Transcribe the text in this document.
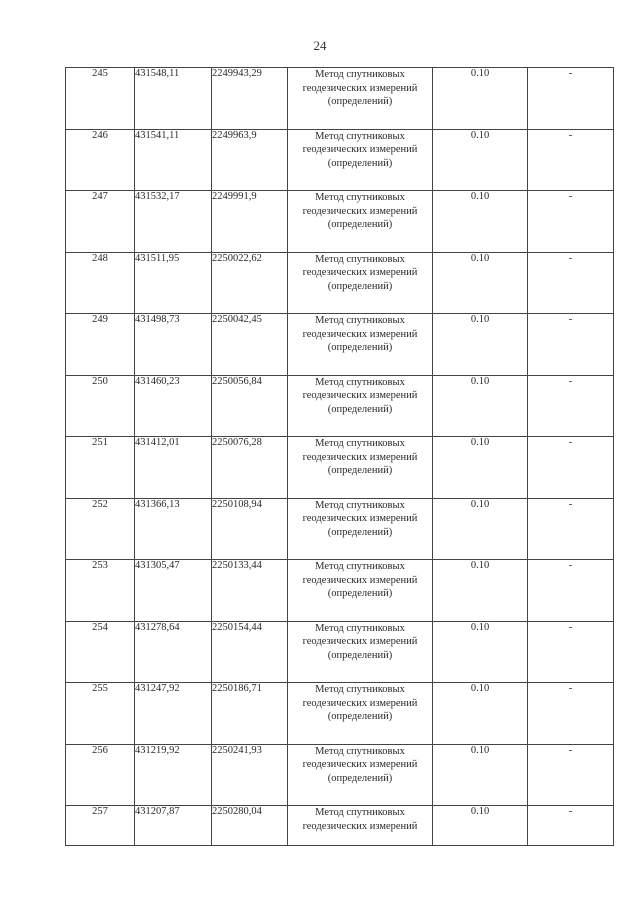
24
245	431548,11	2249943,29	Метод спутниковых
геодезических измерений
(определений)	0.10	-
246	431541,11	2249963,9	Метод спутниковых
геодезических измерений
(определений)	0.10	-
247	431532,17	2249991,9	Метод спутниковых
геодезических измерений
(определений)	0.10	-
248	431511,95	2250022,62	Метод спутниковых
геодезических измерений
(определений)	0.10	-
249	431498,73	2250042,45	Метод спутниковых
геодезических измерений
(определений)	0.10	-
250	431460,23	2250056,84	Метод спутниковых
геодезических измерений
(определений)	0.10	-
251	431412,01	2250076,28	Метод спутниковых
геодезических измерений
(определений)	0.10	-
252	431366,13	2250108,94	Метод спутниковых
геодезических измерений
(определений)	0.10	-
253	431305,47	2250133,44	Метод спутниковых
геодезических измерений
(определений)	0.10	-
254	431278,64	2250154,44	Метод спутниковых
геодезических измерений
(определений)	0.10	-
255	431247,92	2250186,71	Метод спутниковых
геодезических измерений
(определений)	0.10	-
256	431219,92	2250241,93	Метод спутниковых
геодезических измерений
(определений)	0.10	-
257	431207,87	2250280,04	Метод спутниковых
геодезических измерений	0.10	-
